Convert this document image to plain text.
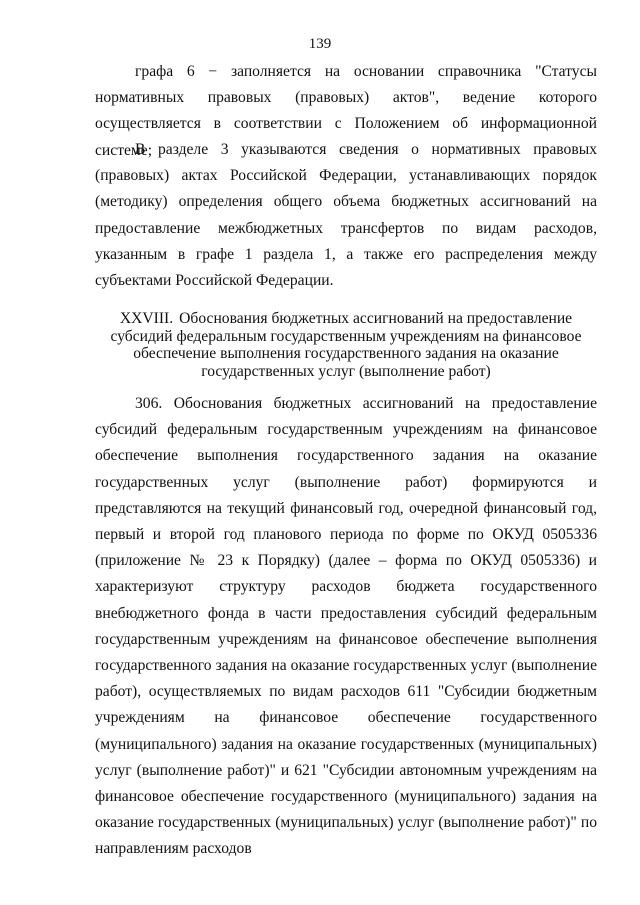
139

графа 6 − заполняется на основании справочника "Статусы нормативных правовых (правовых) актов", ведение которого осуществляется в соответствии с Положением об информационной системе;

В разделе 3 указываются сведения о нормативных правовых (правовых) актах Российской Федерации, устанавливающих порядок (методику) определения общего объема бюджетных ассигнований на предоставление межбюджетных трансфертов по видам расходов, указанным в графе 1 раздела 1, а также его распределения между субъектами Российской Федерации.

XXVIII. Обоснования бюджетных ассигнований на предоставление субсидий федеральным государственным учреждениям на финансовое обеспечение выполнения государственного задания на оказание государственных услуг (выполнение работ)

306. Обоснования бюджетных ассигнований на предоставление субсидий федеральным государственным учреждениям на финансовое обеспечение выполнения государственного задания на оказание государственных услуг (выполнение работ) формируются и представляются на текущий финансовый год, очередной финансовый год, первый и второй год планового периода по форме по ОКУД 0505336 (приложение № 23 к Порядку) (далее – форма по ОКУД 0505336) и характеризуют структуру расходов бюджета государственного внебюджетного фонда в части предоставления субсидий федеральным государственным учреждениям на финансовое обеспечение выполнения государственного задания на оказание государственных услуг (выполнение работ), осуществляемых по видам расходов 611 "Субсидии бюджетным учреждениям на финансовое обеспечение государственного (муниципального) задания на оказание государственных (муниципальных) услуг (выполнение работ)" и 621 "Субсидии автономным учреждениям на финансовое обеспечение государственного (муниципального) задания на оказание государственных (муниципальных) услуг (выполнение работ)" по направлениям расходов
